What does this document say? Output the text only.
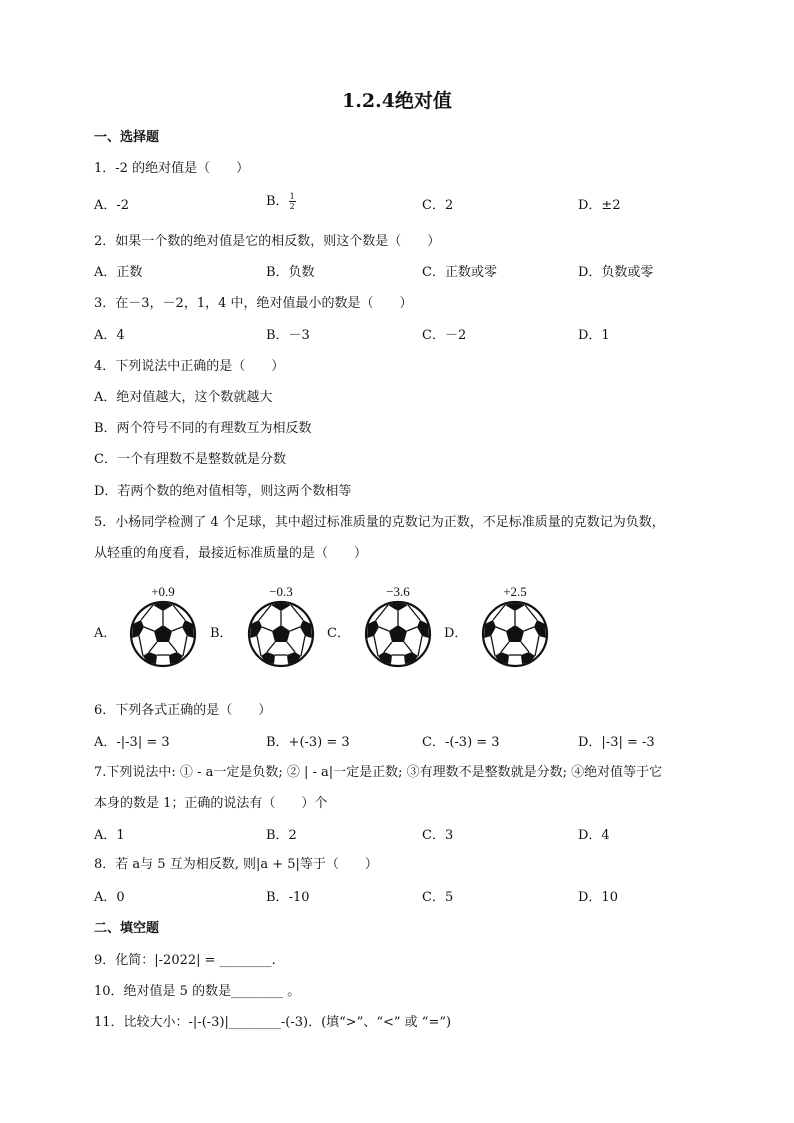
1.2.4绝对值
一、选择题
1．-2 的绝对值是（　　）
A．-2	B． $\frac{1}{2}$	C．2	D．±2
2．如果一个数的绝对值是它的相反数，则这个数是（　　）
A．正数	B．负数	C．正数或零	D．负数或零
3．在－3，－2，1，4 中，绝对值最小的数是（　　）
A．4	B．－3	C．－2	D．1
4．下列说法中正确的是（　　）
A．绝对值越大，这个数就越大
B．两个符号不同的有理数互为相反数
C．一个有理数不是整数就是分数
D．若两个数的绝对值相等，则这两个数相等
5．小杨同学检测了 4 个足球，其中超过标准质量的克数记为正数，不足标准质量的克数记为负数，
从轻重的角度看，最接近标准质量的是（　　）
A．
+0.9
B．
−0.3
C．
−3.6
D．
+2.5
6．下列各式正确的是（　　）
A．-|-3| = 3	B．+(-3) = 3	C．-(-3) = 3	D．|-3| = -3
7.下列说法中: ① - a一定是负数; ② | - a|一定是正数; ③有理数不是整数就是分数; ④绝对值等于它
本身的数是 1；正确的说法有（　　）个
A．1	B．2	C．3	D．4
8．若 a与 5 互为相反数, 则|a + 5|等于（　　）
A．0	B．-10	C．5	D．10
二、填空题
9．化简：|-2022| = ________.
10．绝对值是 5 的数是________ 。
11．比较大小：-|-(-3)|________-(-3)．(填“>”、“<” 或 “=”)
